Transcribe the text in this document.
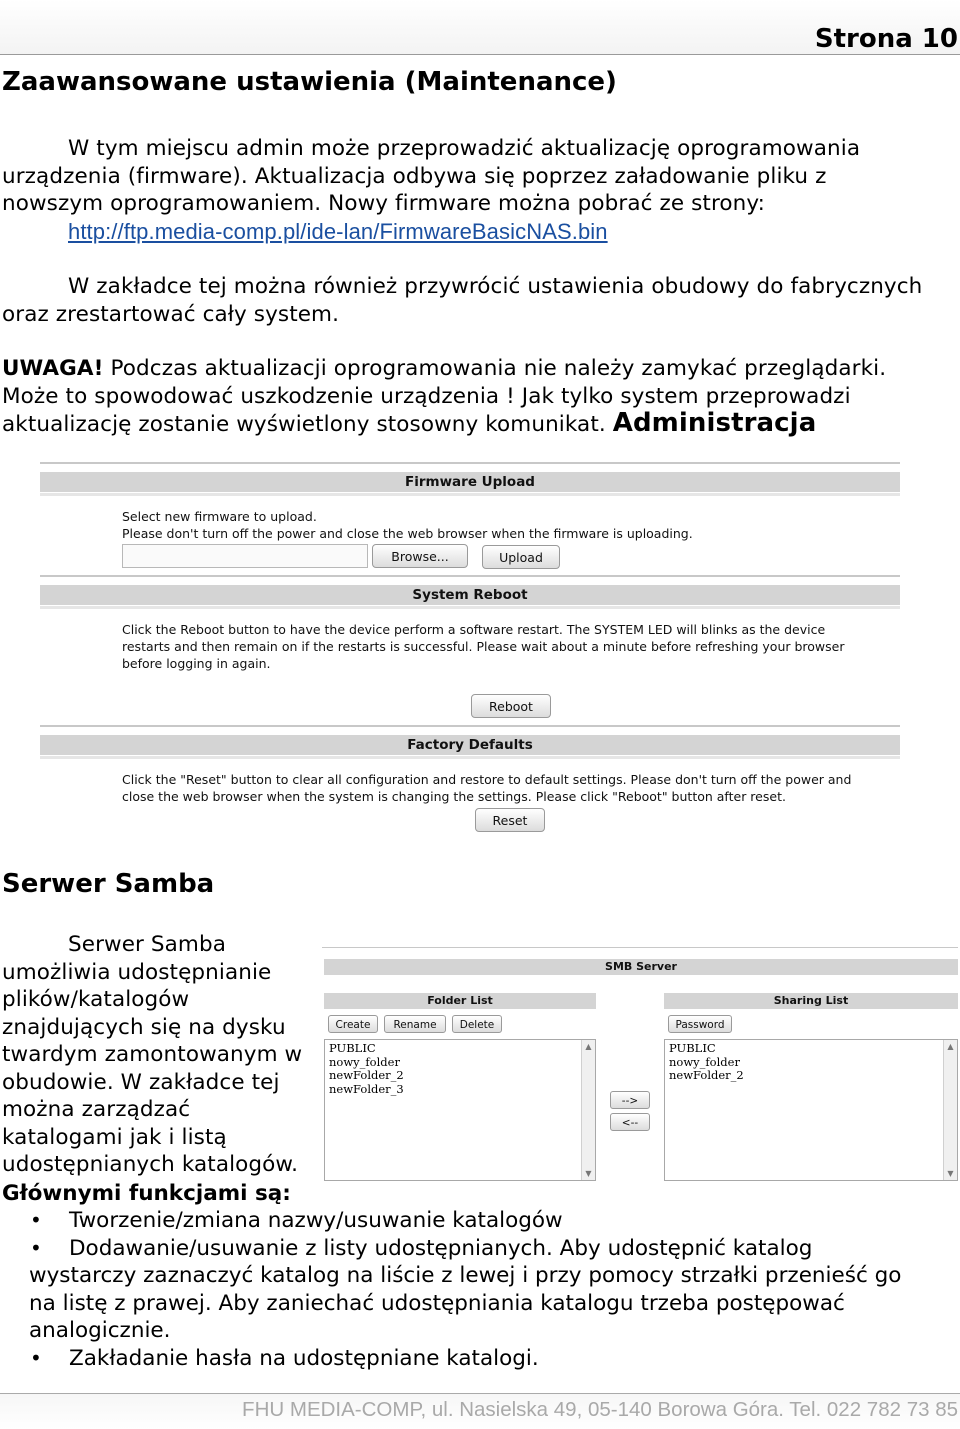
Strona 10
Zaawansowane ustawienia (Maintenance)

W tym miejscu admin może przeprowadzić aktualizację oprogramowania

urządzenia (firmware). Aktualizacja odbywa się poprzez załadowanie pliku z

nowszym oprogramowaniem. Nowy firmware można pobrać ze strony:

http://ftp.media-comp.pl/ide-lan/FirmwareBasicNAS.bin

W zakładce tej można również przywrócić ustawienia obudowy do fabrycznych

oraz zrestartować cały system.

UWAGA! Podczas aktualizacji oprogramowania nie należy zamykać przeglądarki.

Może to spowodować uszkodzenie urządzenia ! Jak tylko system przeprowadzi

aktualizację zostanie wyświetlony stosowny komunikat. Administracja

Firmware Upload
Select new firmware to upload.
Please don't turn off the power and close the web browser when the firmware is uploading.
Browse...	Upload
System Reboot
Click the Reboot button to have the device perform a software restart. The SYSTEM LED will blinks as the device
restarts and then remain on if the restarts is successful. Please wait about a minute before refreshing your browser
before logging in again.
Reboot
Factory Defaults
Click the "Reset" button to clear all configuration and restore to default settings. Please don't turn off the power and
close the web browser when the system is changing the settings. Please click "Reboot" button after reset.
Reset
Serwer Samba

Serwer Samba

umożliwia udostępnianie

plików/katalogów

znajdujących się na dysku

twardym zamontowanym w

obudowie. W zakładce tej

można zarządzać

katalogami jak i listą

udostępnianych katalogów.

SMB Server
Folder List	Sharing List
Create	Rename	Delete	Password
PUBLIC
nowy_folder
newFolder_2
newFolder_3
▲
▼
-->
<--
PUBLIC
nowy_folder
newFolder_2
▲
▼
Głównymi funkcjami są:
• Tworzenie/zmiana nazwy/usuwanie katalogów
• Dodawanie/usuwanie z listy udostępnianych. Aby udostępnić katalog
wystarczy zaznaczyć katalog na liście z lewej i przy pomocy strzałki przenieść go
na listę z prawej. Aby zaniechać udostępniania katalogu trzeba postępować
analogicznie.
• Zakładanie hasła na udostępniane katalogi.
FHU MEDIA-COMP, ul. Nasielska 49, 05-140 Borowa Góra. Tel. 022 782 73 85
